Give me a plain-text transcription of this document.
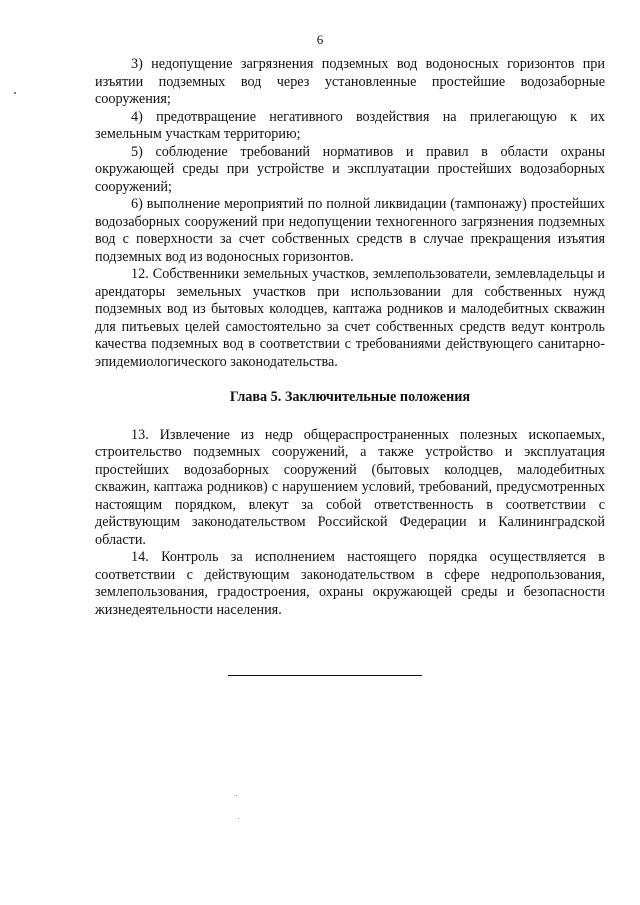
6

3) недопущение загрязнения подземных вод водоносных горизонтов при изъятии подземных вод через установленные простейшие водозаборные сооружения;

4) предотвращение негативного воздействия на прилегающую к их земельным участкам территорию;

5) соблюдение требований нормативов и правил в области охраны окружающей среды при устройстве и эксплуатации простейших водозаборных сооружений;

6) выполнение мероприятий по полной ликвидации (тампонажу) простейших водозаборных сооружений при недопущении техногенного загрязнения подземных вод с поверхности за счет собственных средств в случае прекращения изъятия подземных вод из водоносных горизонтов.

12. Собственники земельных участков, землепользователи, землевладельцы и арендаторы земельных участков при использовании для собственных нужд подземных вод из бытовых колодцев, каптажа родников и малодебитных скважин для питьевых целей самостоятельно за счет собственных средств ведут контроль качества подземных вод в соответствии с требованиями действующего санитарно-эпидемиологического законодательства.

Глава 5. Заключительные положения

13. Извлечение из недр общераспространенных полезных ископаемых, строительство подземных сооружений, а также устройство и эксплуатация простейших водозаборных сооружений (бытовых колодцев, малодебитных скважин, каптажа родников) с нарушением условий, требований, предусмотренных настоящим порядком, влекут за собой ответственность в соответствии с действующим законодательством Российской Федерации и Калининградской области.

14. Контроль за исполнением настоящего порядка осуществляется в соответствии с действующим законодательством в сфере недропользования, землепользования, градостроения, охраны окружающей среды и безопасности жизнедеятельности населения.
